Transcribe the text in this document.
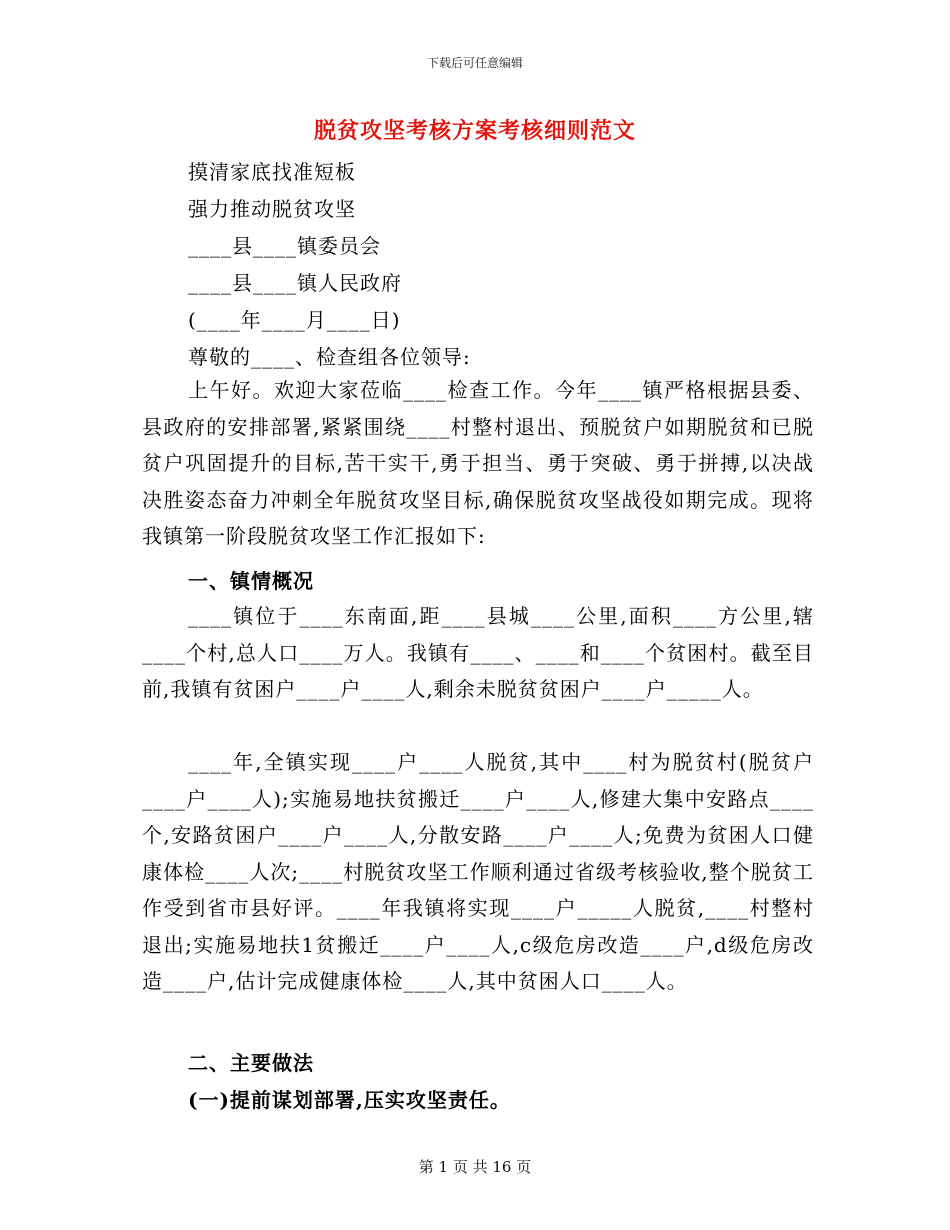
下载后可任意编辑
脱贫攻坚考核方案考核细则范文
摸清家底找准短板
强力推动脱贫攻坚
____县____镇委员会
____县____镇人民政府
(____年____月____日)
尊敬的____、检查组各位领导:
上午好。欢迎大家莅临____检查工作。今年____镇严格根据县委、县政府的安排部署,紧紧围绕____村整村退出、预脱贫户如期脱贫和已脱贫户巩固提升的目标,苦干实干,勇于担当、勇于突破、勇于拼搏,以决战决胜姿态奋力冲刺全年脱贫攻坚目标,确保脱贫攻坚战役如期完成。现将我镇第一阶段脱贫攻坚工作汇报如下:
一、镇情概况
____镇位于____东南面,距____县城____公里,面积____方公里,辖____个村,总人口____万人。我镇有____、____和____个贫困村。截至目前,我镇有贫困户____户____人,剩余未脱贫贫困户____户_____人。
____年,全镇实现____户____人脱贫,其中____村为脱贫村(脱贫户____户____人);实施易地扶贫搬迁____户____人,修建大集中安路点____个,安路贫困户____户____人,分散安路____户____人;免费为贫困人口健康体检____人次;____村脱贫攻坚工作顺利通过省级考核验收,整个脱贫工作受到省市县好评。____年我镇将实现____户_____人脱贫,____村整村退出;实施易地扶1贫搬迁____户____人,c级危房改造____户,d级危房改造____户,估计完成健康体检____人,其中贫困人口____人。
二、主要做法
(一)提前谋划部署,压实攻坚责任。
第 1 页 共 16 页
